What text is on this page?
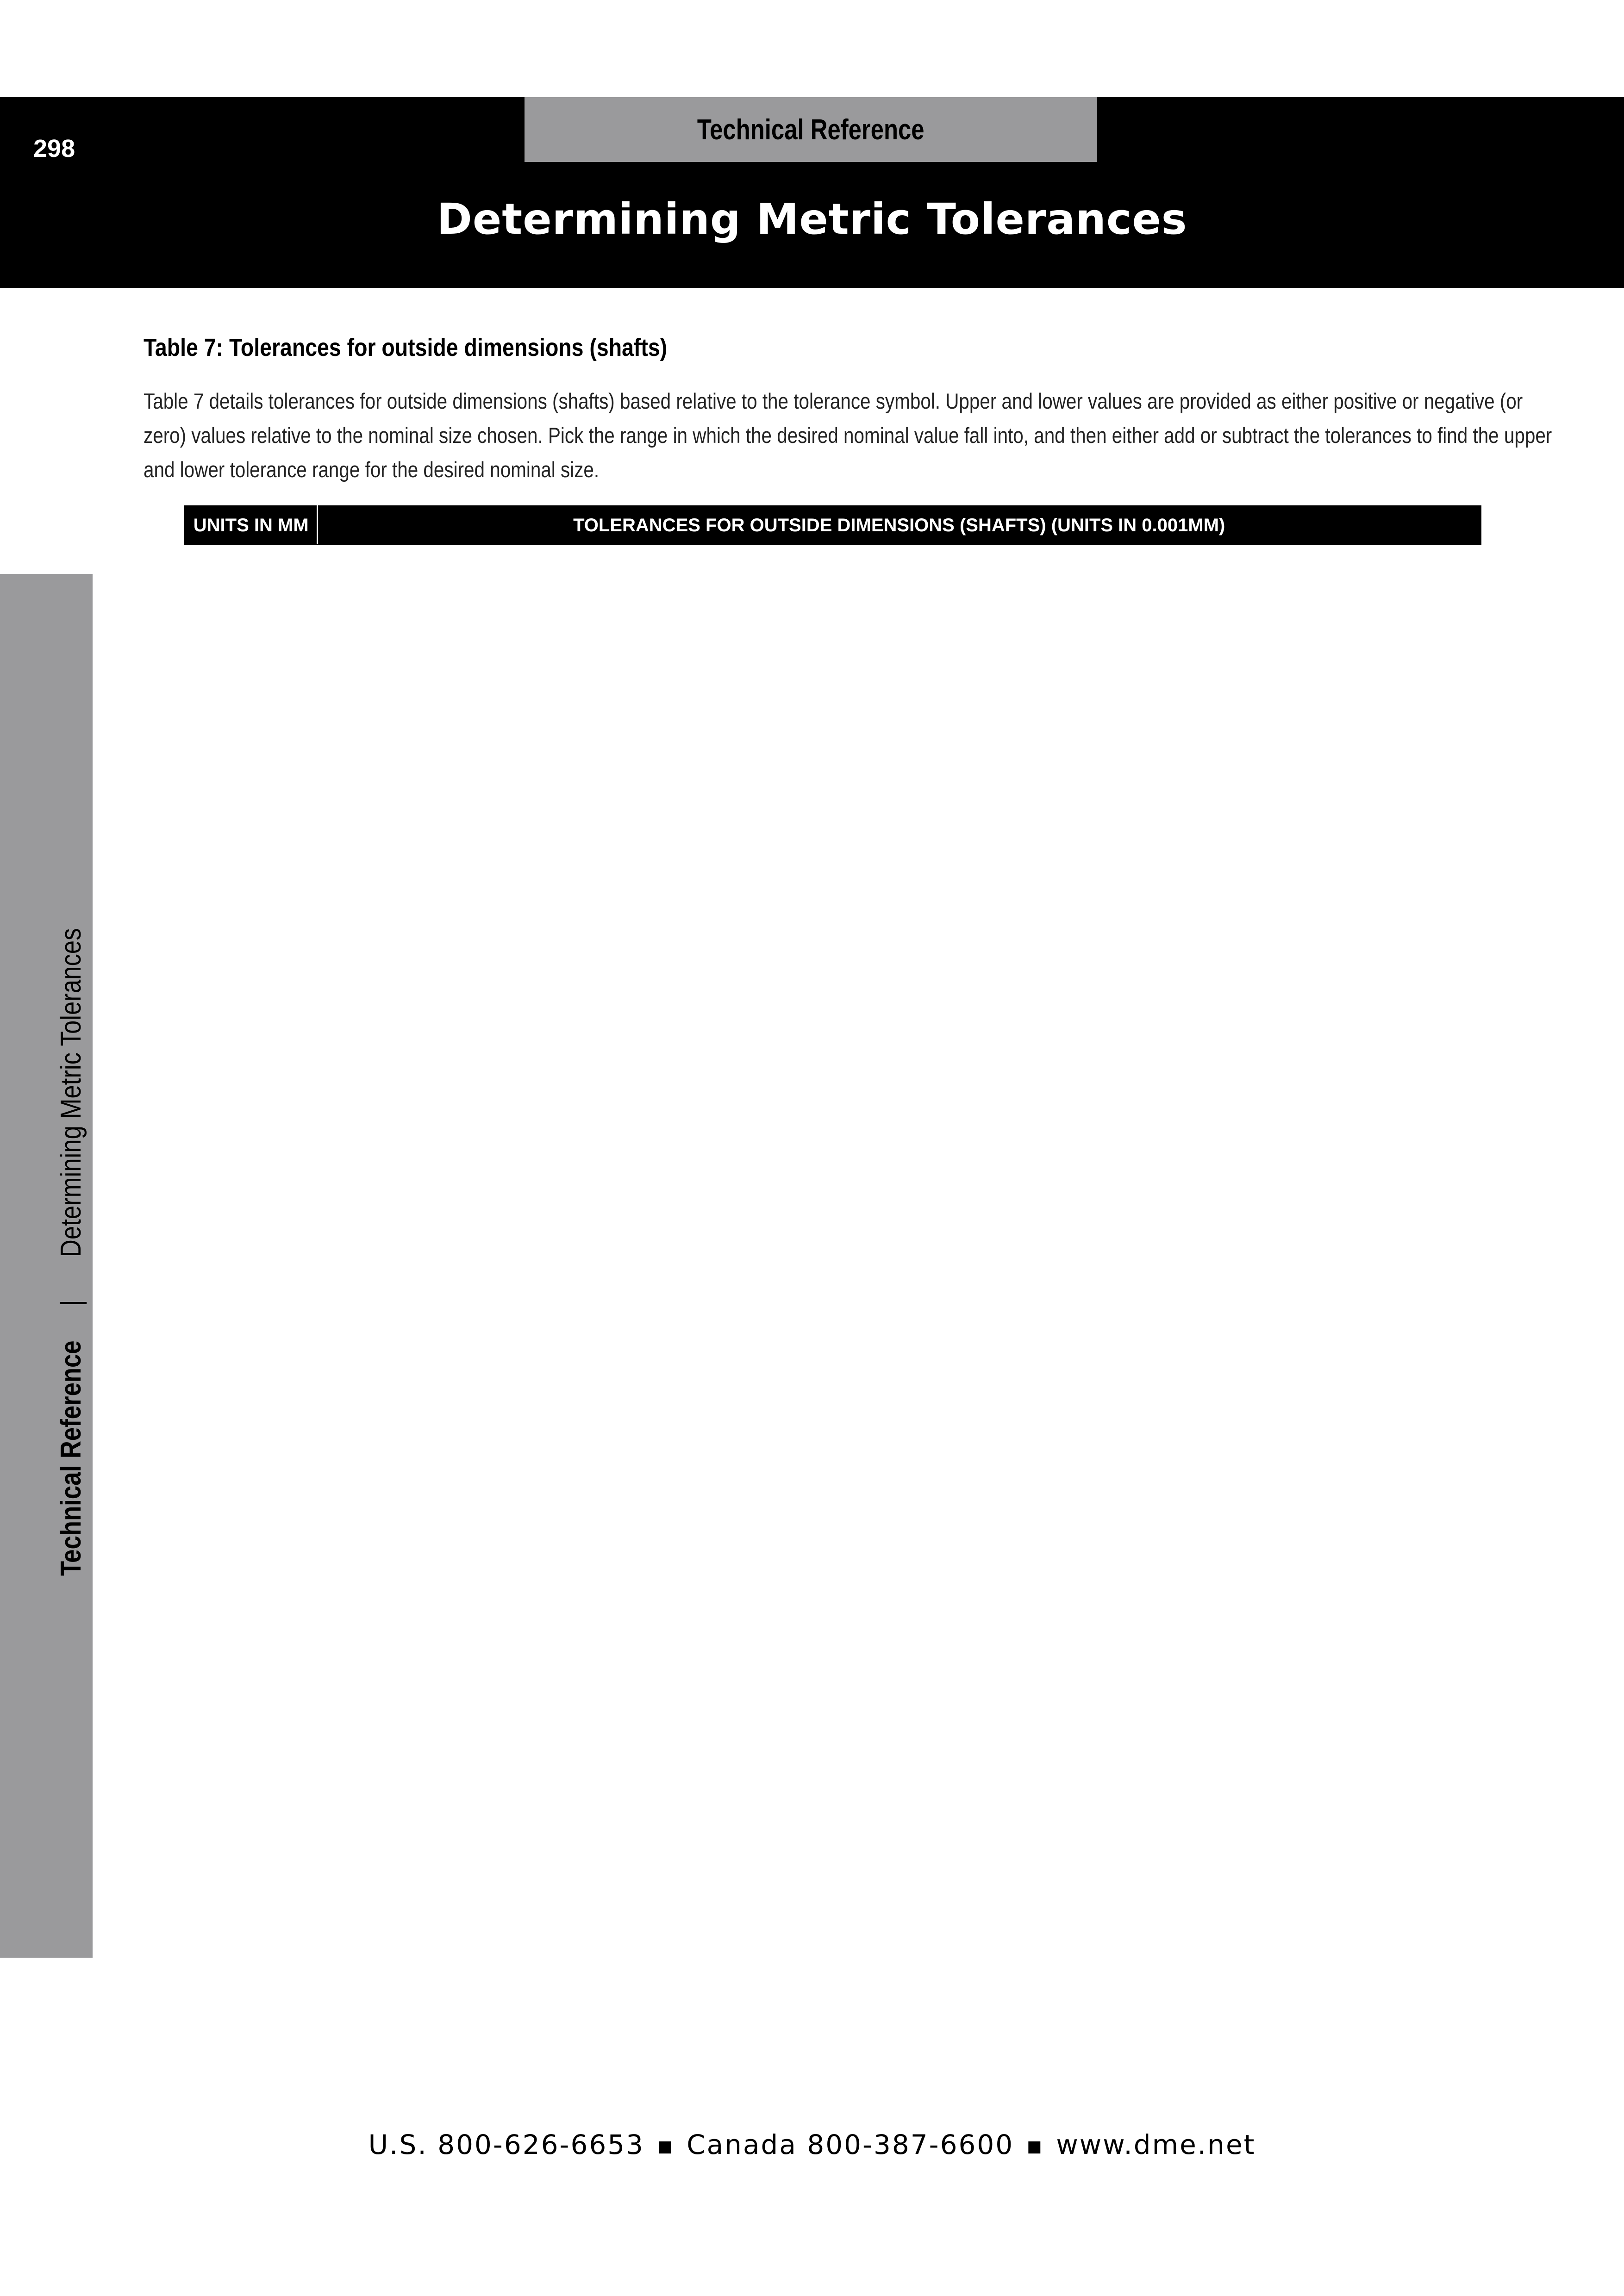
Technical Reference
298
Determining Metric Tolerances
Technical Reference|Determining Metric Tolerances
Table 7: Tolerances for outside dimensions (shafts)
Table 7 details tolerances for outside dimensions (shafts) based relative to the tolerance symbol. Upper and lower values are provided as either positive or negative (or zero) values relative to the nominal size chosen. Pick the range in which the desired nominal value fall into, and then either add or subtract the tolerances to find the upper and lower tolerance range for the desired nominal size.
	UNITS IN MM	TOLERANCES FOR OUTSIDE DIMENSIONS (SHAFTS) (UNITS IN 0.001MM)

U.S. 800-626-6653 ■ Canada 800-387-6600 ■ www.dme.net
